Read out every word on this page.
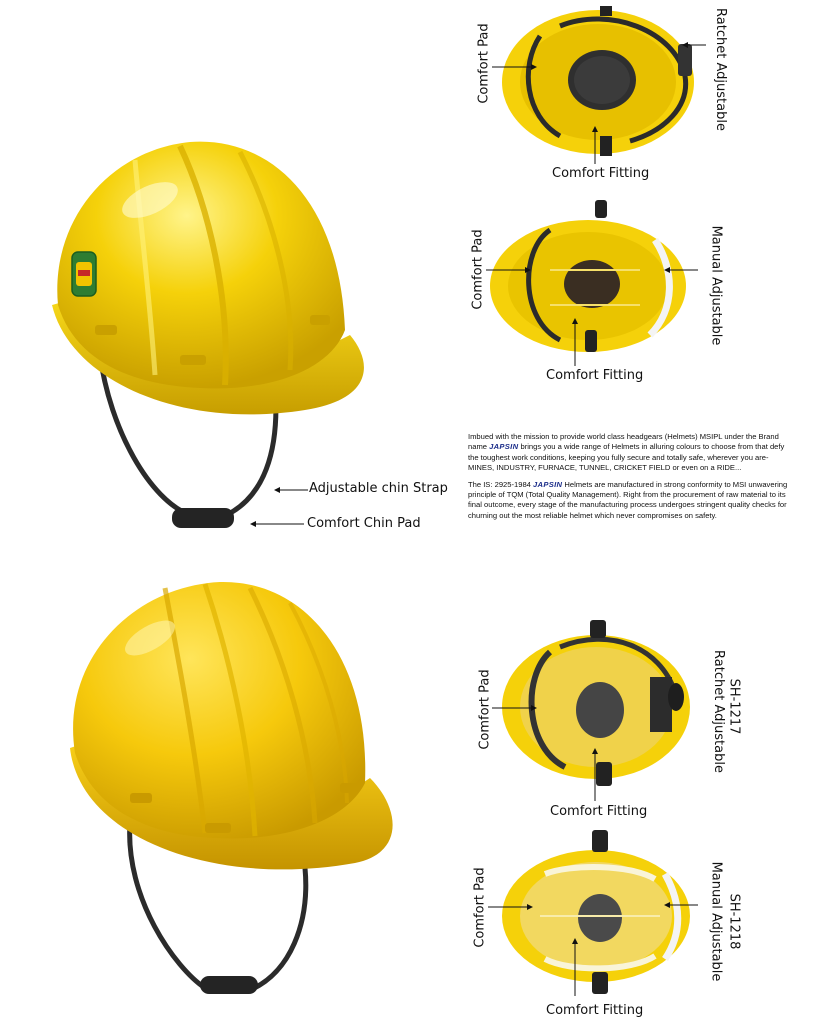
Adjustable chin Strap
Comfort Chin Pad
Comfort Pad	Ratchet Adjustable
Comfort Fitting
Comfort Pad	Manual Adjustable
Comfort Fitting

Imbued with the mission to provide world class headgears (Helmets) MSIPL under the Brand name JAPSIN brings you a wide range of Helmets in alluring colours to choose from that defy the toughest work conditions, keeping you fully secure and totally safe, wherever you are- MINES, INDUSTRY, FURNACE, TUNNEL, CRICKET FIELD or even on a RIDE...

The IS: 2925-1984 JAPSIN Helmets are manufactured in strong conformity to MSI unwavering principle of TQM (Total Quality Management). Right from the procurement of raw material to its final outcome, every stage of the manufacturing process undergoes stringent quality checks for churning out the most reliable helmet which never compromises on safety.

Comfort Pad	Ratchet Adjustable SH-1217
Comfort Fitting
Comfort Pad	Manual Adjustable SH-1218
Comfort Fitting
